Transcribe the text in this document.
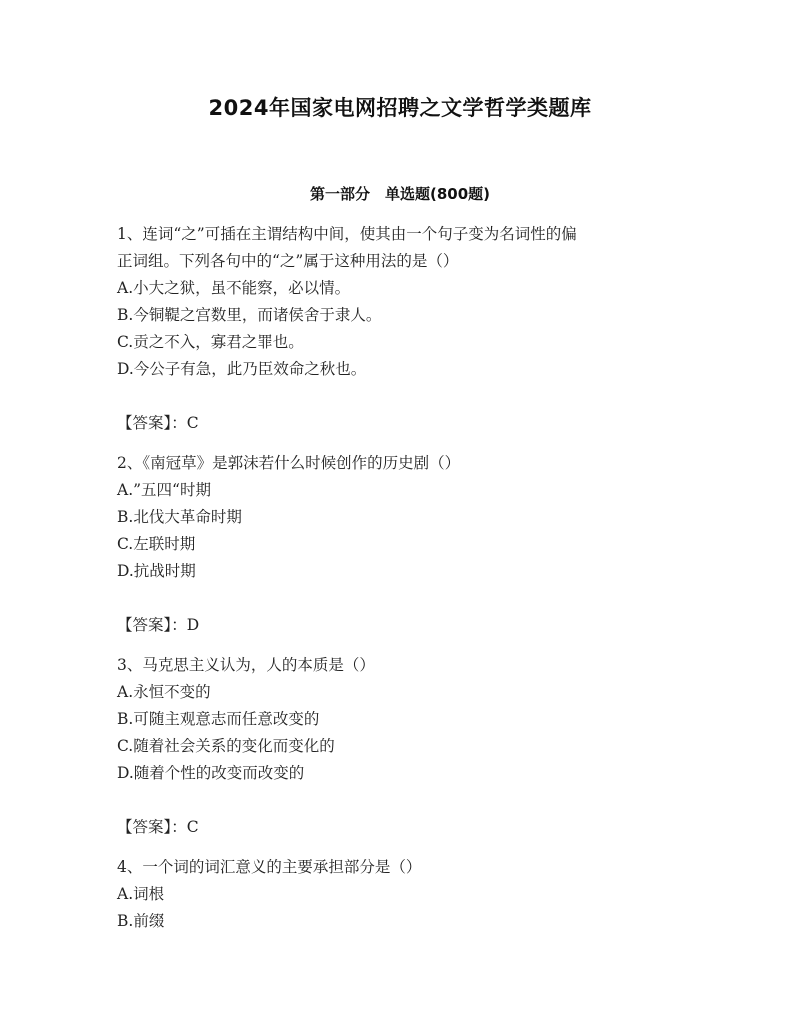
2024年国家电网招聘之文学哲学类题库
第一部分　单选题(800题)

1、连词“之”可插在主谓结构中间，使其由一个句子变为名词性的偏

正词组。下列各句中的“之”属于这种用法的是（）

A.小大之狱，虽不能察，必以情。

B.今铜鞮之宫数里，而诸侯舍于隶人。

C.贡之不入，寡君之罪也。

D.今公子有急，此乃臣效命之秋也。

【答案】：C

2、《南冠草》是郭沫若什么时候创作的历史剧（）

A.”五四“时期

B.北伐大革命时期

C.左联时期

D.抗战时期

【答案】：D

3、马克思主义认为，人的本质是（）

A.永恒不变的

B.可随主观意志而任意改变的

C.随着社会关系的变化而变化的

D.随着个性的改变而改变的

【答案】：C

4、一个词的词汇意义的主要承担部分是（）

A.词根

B.前缀
